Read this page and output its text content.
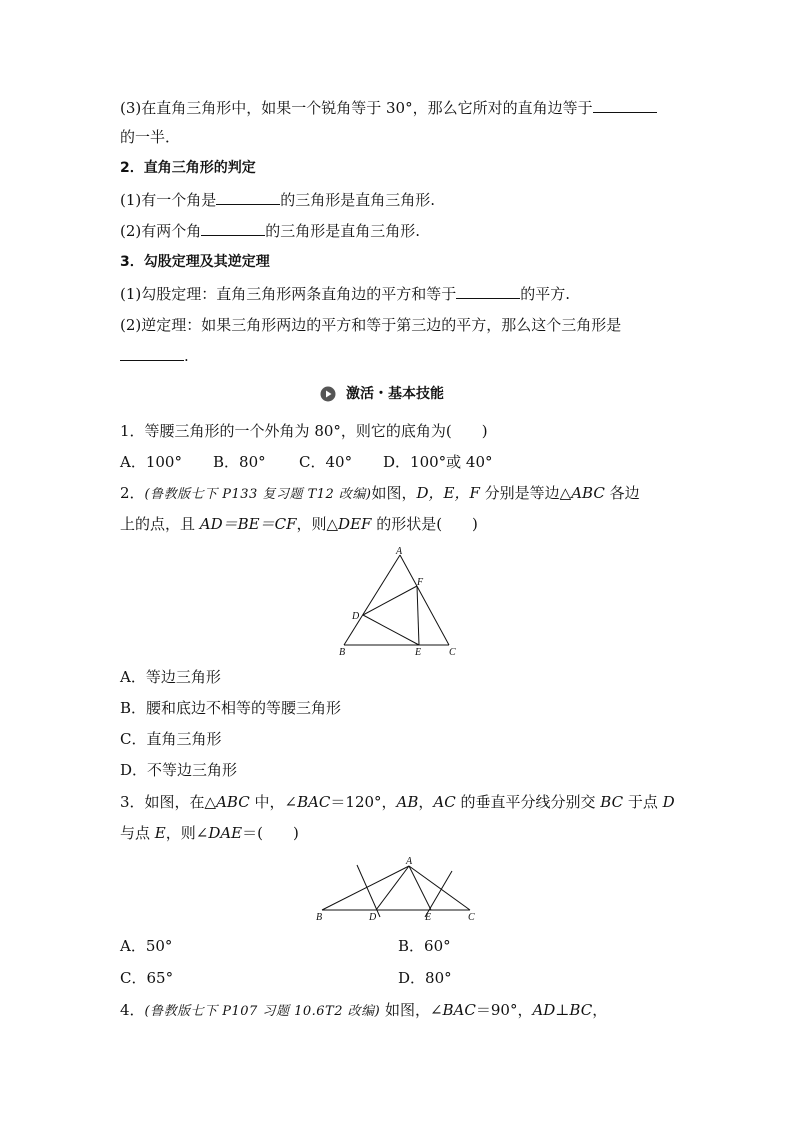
(3)在直角三角形中，如果一个锐角等于 30°，那么它所对的直角边等于
的一半．
2．直角三角形的判定
(1)有一个角是	的三角形是直角三角形.
(2)有两个角	的三角形是直角三角形.
3．勾股定理及其逆定理
(1)勾股定理：直角三角形两条直角边的平方和等于	的平方.
(2)逆定理：如果三角形两边的平方和等于第三边的平方，那么这个三角形是
.
激活・基本技能
1．等腰三角形的一个外角为 80°，则它的底角为(　　)
A．100° B．80° C．40° D．100°或 40°
2．(鲁教版七下 P133 复习题 T12 改编)如图，D，E，F 分别是等边△ABC 各边
上的点，且 AD＝BE＝CF，则△DEF 的形状是(　　)
A
F
D
B	E	C
A．等边三角形
B．腰和底边不相等的等腰三角形
C．直角三角形
D．不等边三角形
3．如图，在△ABC 中，∠BAC＝120°，AB，AC 的垂直平分线分别交 BC 于点 D
与点 E，则∠DAE＝(　　)
A
B	D	E	C
A．50°	B．60°
C．65°	D．80°
4．(鲁教版七下 P107 习题 10.6T2 改编) 如图，∠BAC＝90°，AD⊥BC，
